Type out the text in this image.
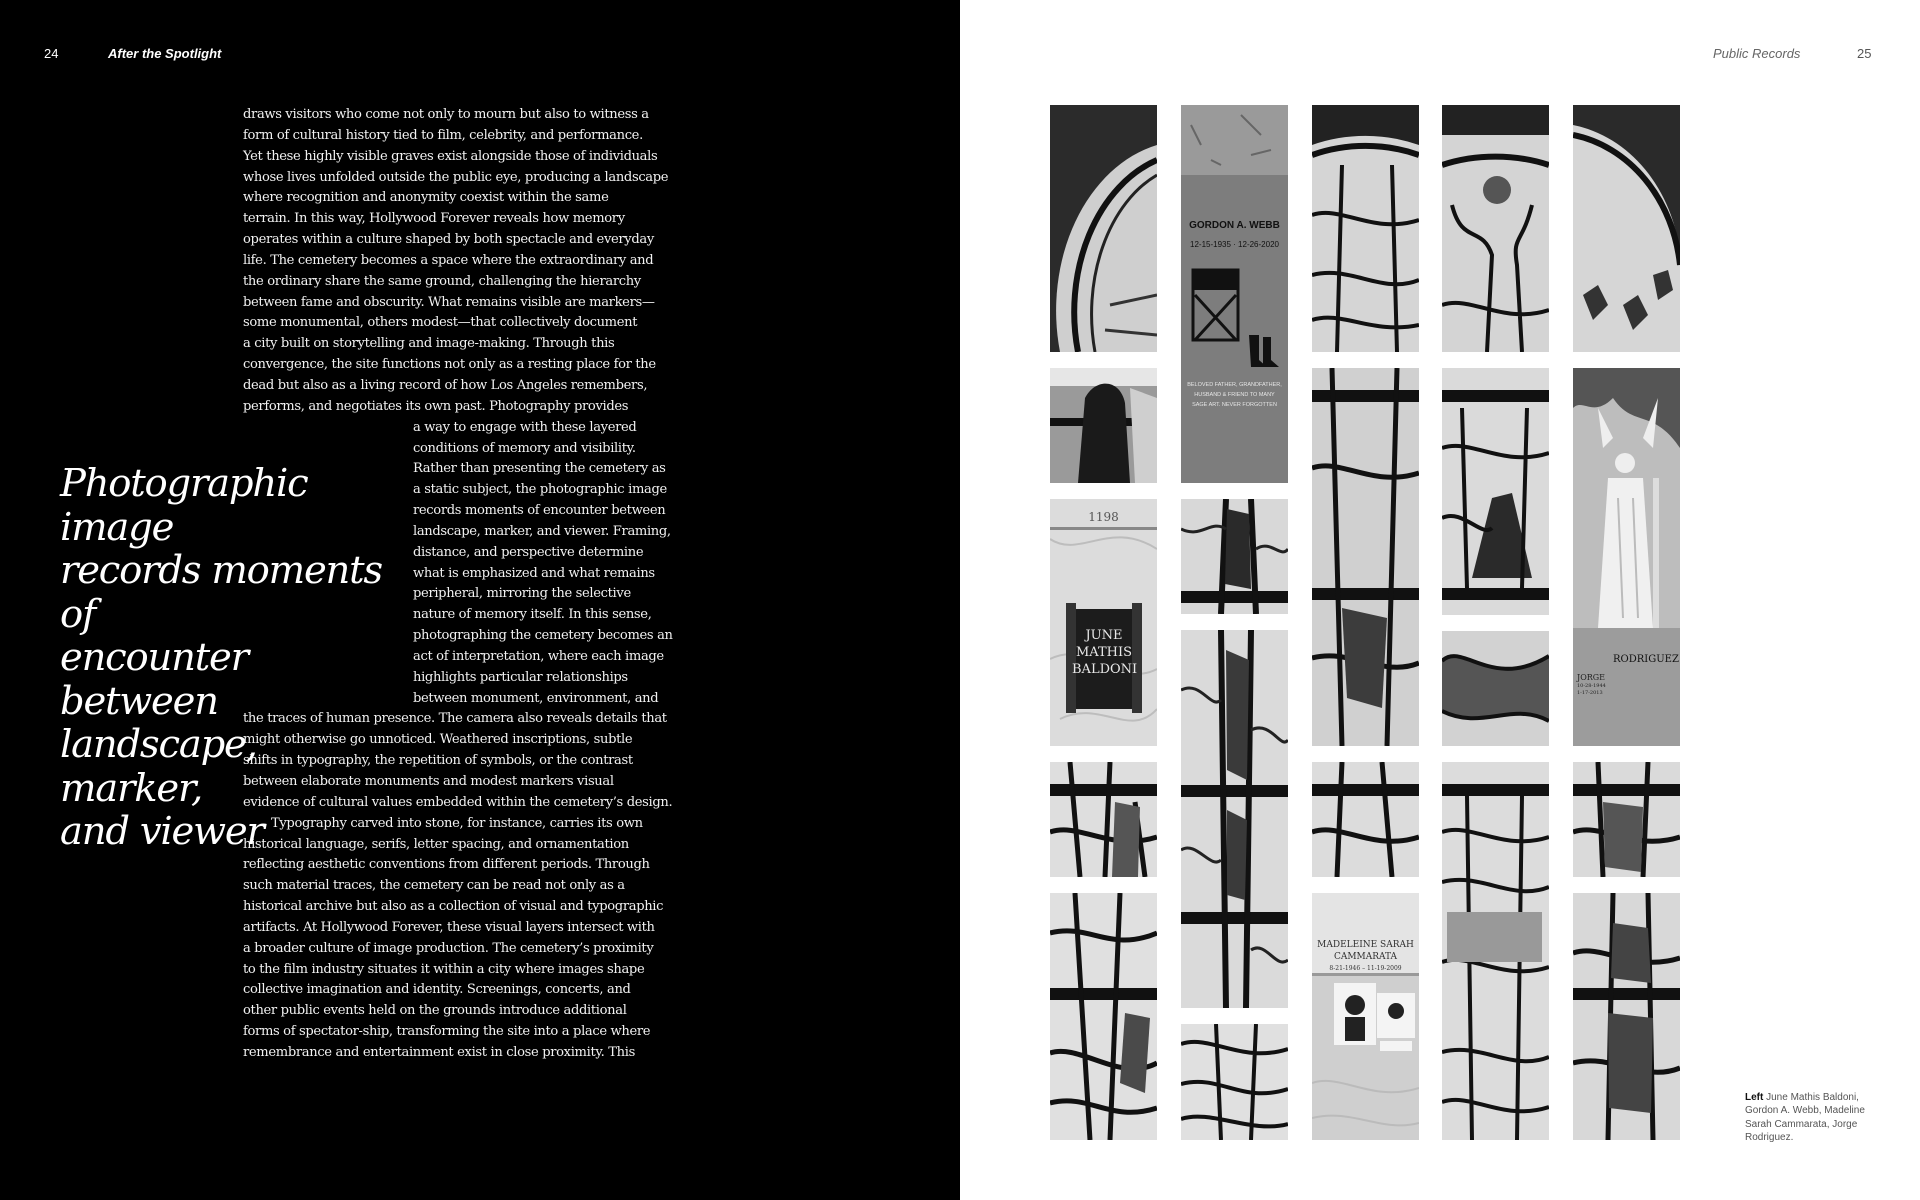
24	After the Spotlight
draws visitors who come not only to mourn but also to witness a
form of cultural history tied to film, celebrity, and performance.
Yet these highly visible graves exist alongside those of individuals
whose lives unfolded outside the public eye, producing a landscape
where recognition and anonymity coexist within the same
terrain. In this way, Hollywood Forever reveals how memory
operates within a culture shaped by both spectacle and everyday
life. The cemetery becomes a space where the extraordinary and
the ordinary share the same ground, challenging the hierarchy
between fame and obscurity. What remains visible are markers—
some monumental, others modest—that collectively document
a city built on storytelling and image-making. Through this
convergence, the site functions not only as a resting place for the
dead but also as a living record of how Los Angeles remembers,
performs, and negotiates its own past. Photography provides
a way to engage with these layered
conditions of memory and visibility.
Rather than presenting the cemetery as
a static subject, the photographic image
records moments of encounter between
landscape, marker, and viewer. Framing,
distance, and perspective determine
what is emphasized and what remains
peripheral, mirroring the selective
nature of memory itself. In this sense,
photographing the cemetery becomes an
act of interpretation, where each image
highlights particular relationships
between monument, environment, and
the traces of human presence. The camera also reveals details that
might otherwise go unnoticed. Weathered inscriptions, subtle
shifts in typography, the repetition of symbols, or the contrast
between elaborate monuments and modest markers visual
evidence of cultural values embedded within the cemetery’s design.
Typography carved into stone, for instance, carries its own
historical language, serifs, letter spacing, and ornamentation
reflecting aesthetic conventions from different periods. Through
such material traces, the cemetery can be read not only as a
historical archive but also as a collection of visual and typographic
artifacts. At Hollywood Forever, these visual layers intersect with
a broader culture of image production. The cemetery’s proximity
to the film industry situates it within a city where images shape
collective imagination and identity. Screenings, concerts, and
other public events held on the grounds introduce additional
forms of spectator-ship, transforming the site into a place where
remembrance and entertainment exist in close proximity. This
Photographic image
records moments of
encounter between
landscape, marker,
and viewer
Public Records	25
1198
JUNE
MATHIS
BALDONI
GORDON A. WEBB
12-15-1935 · 12-26-2020
BELOVED FATHER, GRANDFATHER,
HUSBAND & FRIEND TO MANY
SAGE ART. NEVER FORGOTTEN
MADELEINE SARAH
CAMMARATA
8-21-1946 – 11-19-2009
RODRIGUEZ
JORGE
10-28-1944
1-17-2013
Left June Mathis Baldoni, Gordon A. Webb, Madeline Sarah Cammarata, Jorge Rodriguez.
